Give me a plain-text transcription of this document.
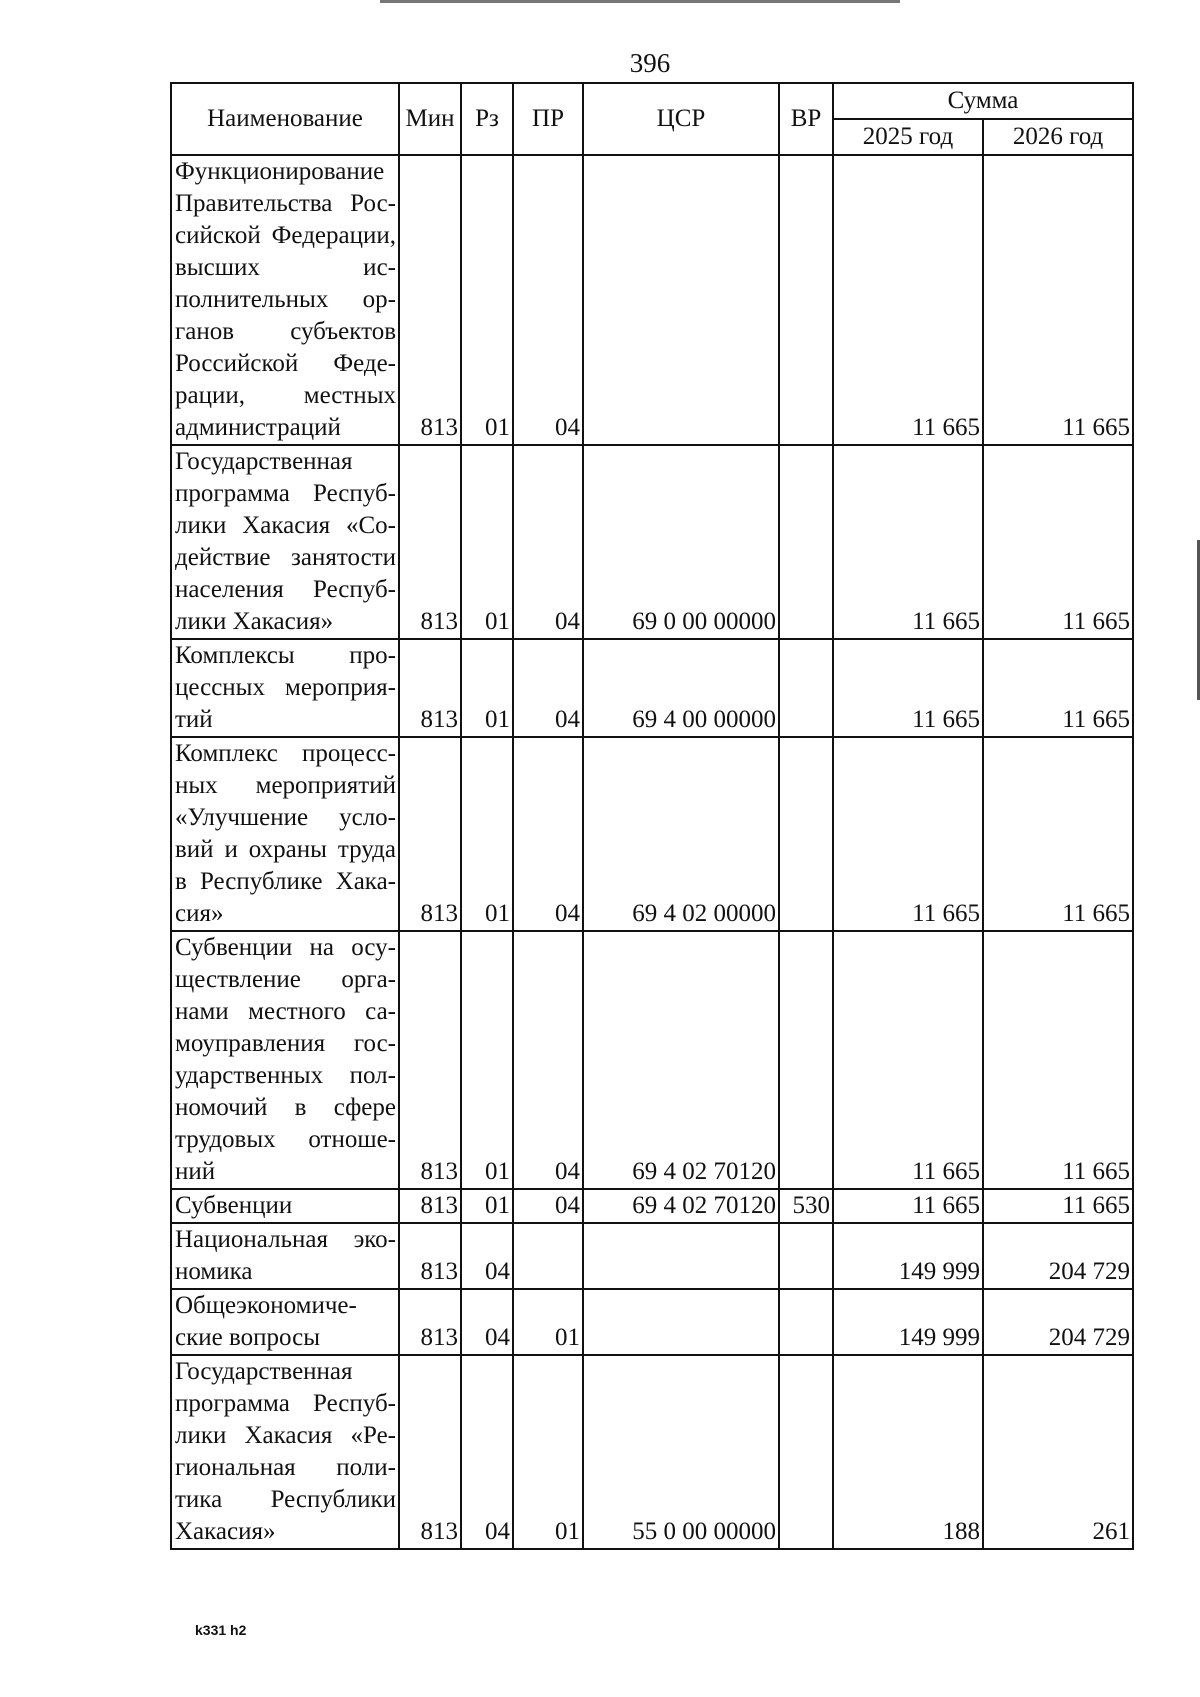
396
Наименование	Мин	Рз	ПР	ЦСР	ВР	Сумма	
						2025 год	2026 год
Функционирование Правительства Российской Федерации, высших исполнительных органов субъектов Российской Федерации, местных администраций	813	01	04			11 665	11 665
Государственная программа Республики Хакасия «Содействие занятости населения Республики Хакасия»	813	01	04	69 0 00 00000		11 665	11 665
Комплексы процессных мероприятий	813	01	04	69 4 00 00000		11 665	11 665
Комплекс процессных мероприятий «Улучшение условий и охраны труда в Республике Хакасия»	813	01	04	69 4 02 00000		11 665	11 665
Субвенции на осуществление органами местного самоуправления государственных полномочий в сфере трудовых отношений	813	01	04	69 4 02 70120		11 665	11 665
Субвенции	813	01	04	69 4 02 70120	530	11 665	11 665
Национальная экономика	813	04				149 999	204 729
Общеэкономические вопросы	813	04	01			149 999	204 729
Государственная программа Республики Хакасия «Региональная политика Республики Хакасия»	813	04	01	55 0 00 00000		188	261
k331 h2
